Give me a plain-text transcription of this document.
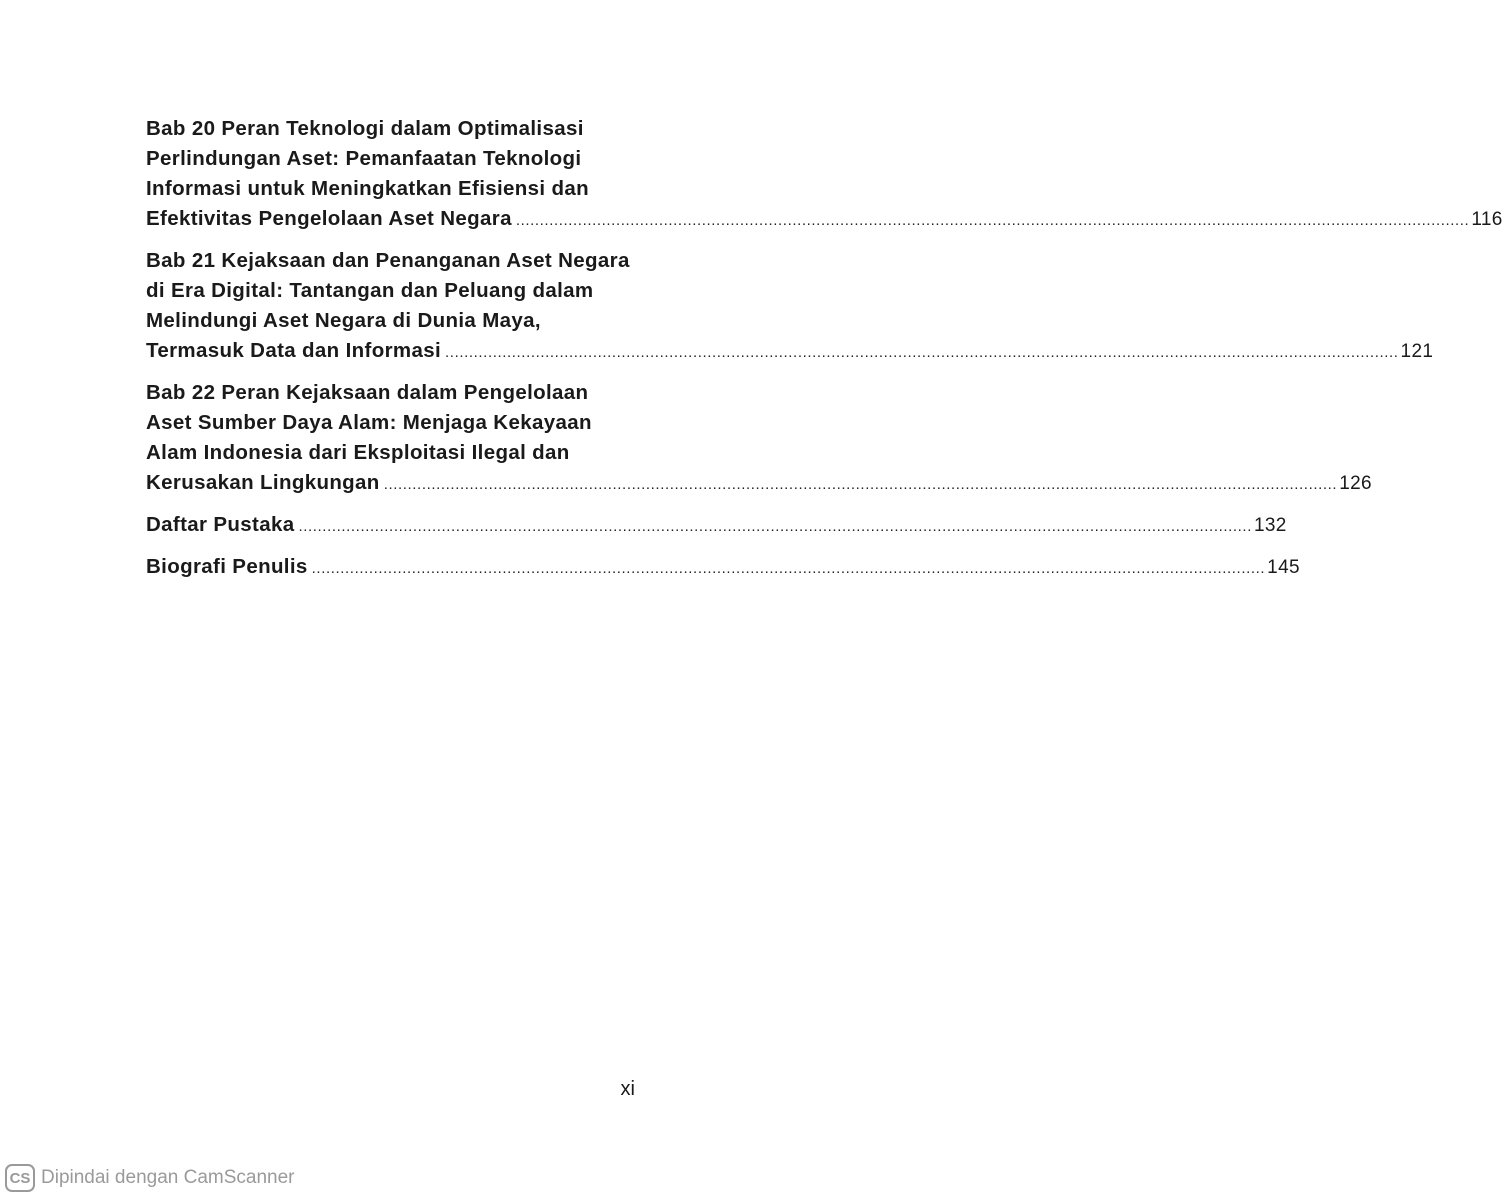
Bab 20 Peran Teknologi dalam Optimalisasi
Perlindungan Aset: Pemanfaatan Teknologi
Informasi untuk Meningkatkan Efisiensi dan
Efektivitas Pengelolaan Aset Negara ........................................................................................................................................................................................................ 116
Bab 21 Kejaksaan dan Penanganan Aset Negara
di Era Digital: Tantangan dan Peluang dalam
Melindungi Aset Negara di Dunia Maya,
Termasuk Data dan Informasi ........................................................................................................................................................................................................ 121
Bab 22 Peran Kejaksaan dalam Pengelolaan
Aset Sumber Daya Alam: Menjaga Kekayaan
Alam Indonesia dari Eksploitasi Ilegal dan
Kerusakan Lingkungan ........................................................................................................................................................................................................ 126
Daftar Pustaka ........................................................................................................................................................................................................ 132
Biografi Penulis ........................................................................................................................................................................................................ 145
xi
CS Dipindai dengan CamScanner
